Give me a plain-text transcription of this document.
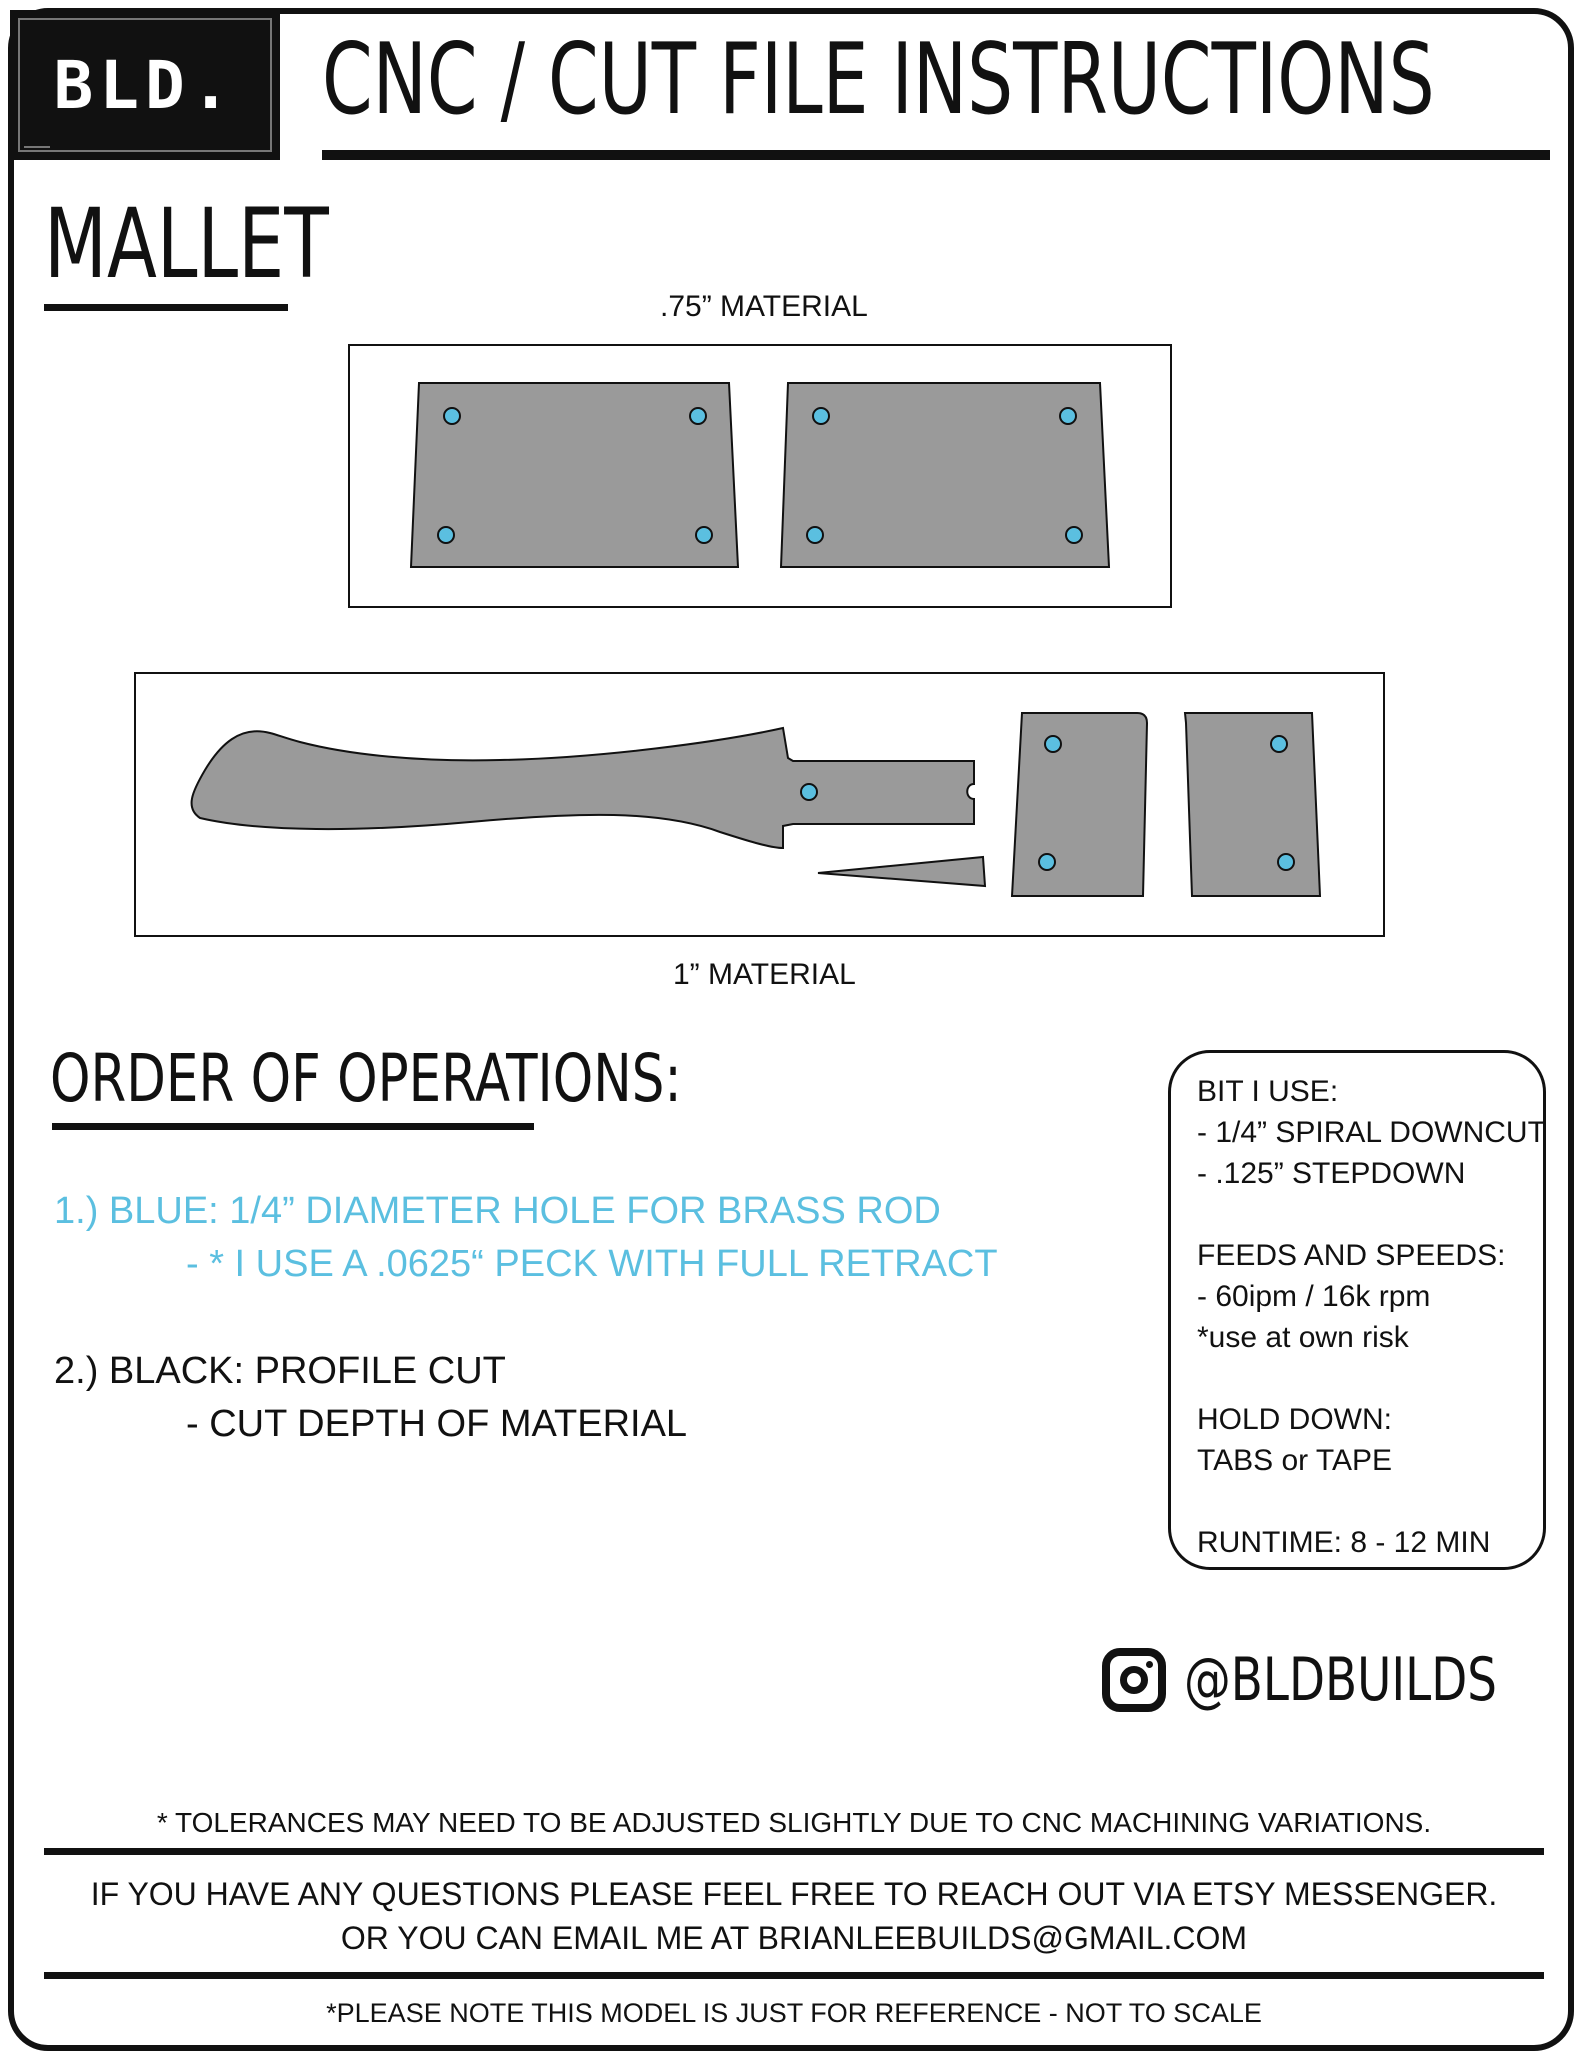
BLD. CNC / CUT FILE INSTRUCTIONS
MALLET
.75” MATERIAL
1” MATERIAL
ORDER OF OPERATIONS:
1.) BLUE: 1/4” DIAMETER HOLE FOR BRASS ROD
- * I USE A .0625“ PECK WITH FULL RETRACT
2.) BLACK: PROFILE CUT
- CUT DEPTH OF MATERIAL
BIT I USE:
- 1/4” SPIRAL DOWNCUT
- .125” STEPDOWN
FEEDS AND SPEEDS:
- 60ipm / 16k rpm
*use at own risk
HOLD DOWN:
TABS or TAPE
RUNTIME: 8 - 12 MIN
@BLDBUILDS
* TOLERANCES MAY NEED TO BE ADJUSTED SLIGHTLY DUE TO CNC MACHINING VARIATIONS.
IF YOU HAVE ANY QUESTIONS PLEASE FEEL FREE TO REACH OUT VIA ETSY MESSENGER.
OR YOU CAN EMAIL ME AT BRIANLEEBUILDS@GMAIL.COM
*PLEASE NOTE THIS MODEL IS JUST FOR REFERENCE - NOT TO SCALE
